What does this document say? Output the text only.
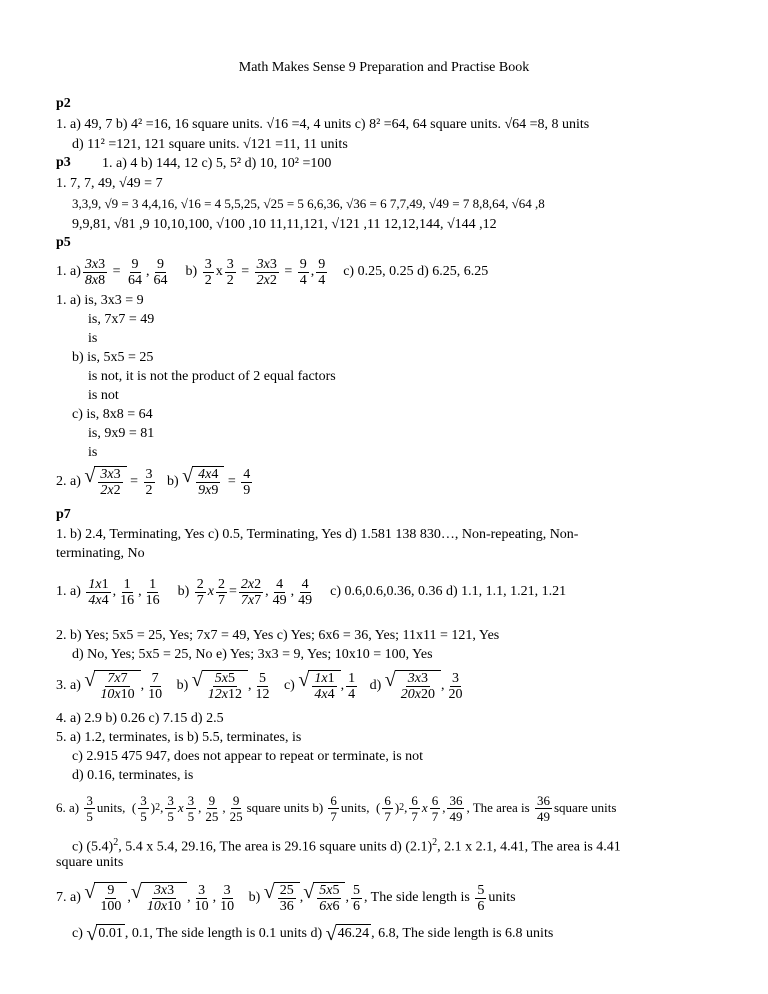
Math Makes Sense 9 Preparation and Practise Book
p2
1. a) 49, 7 b) 4² =16, 16 square units. √16 =4, 4 units c) 8² =64, 64 square units. √64 =8, 8 units
d) 11² =121, 121 square units. √121 =11, 11 units
p3 1. a) 4 b) 144, 12 c) 5, 5² d) 10, 10² =100
1. 7, 7, 49, √49 = 7
3,3,9, √9 = 3 4,4,16, √16 = 4 5,5,25, √25 = 5 6,6,36, √36 = 6 7,7,49, √49 = 7 8,8,64, √64 ,8
9,9,81, √81 ,9 10,10,100, √100 ,10 11,11,121, √121 ,11 12,12,144, √144 ,12
p5
1. $a) \frac{3x3}{8x8} = \frac{9}{64}$ , $\frac{9}{64}$
b)
$\frac{3}{2}$ x $\frac{3}{2} = \frac{3x3}{2x2} = \frac{9}{4}$ , $\frac{9}{4}$
c) 0.25, 0.25 d) 6.25, 6.25
1. a) is, 3x3 = 9
is, 7x7 = 49
is
b) is, 5x5 = 25
is not, it is not the product of 2 equal factors
is not
c) is, 8x8 = 64
is, 9x9 = 81
is
2. a)
√ $\frac{3x3}{2x2} = \frac{3}{2}$
b)
√ $\frac{4x4}{9x9} = \frac{4}{9}$
p7
1. b) 2.4, Terminating, Yes c) 0.5, Terminating, Yes d) 1.581 138 830…, Non-repeating, Non-
terminating, No
1. a)
$\frac{1x1}{4x4}$ , $\frac{1}{16}$ , $\frac{1}{16}$
b)
$\frac{2}{7}$ x $\frac{2}{7} = \frac{2x2}{7x7}$ , $\frac{4}{49}$ , $\frac{4}{49}$
c) 0.6,0.6,0.36, 0.36 d) 1.1, 1.1, 1.21, 1.21
2. b) Yes; 5x5 = 25, Yes; 7x7 = 49, Yes c) Yes; 6x6 = 36, Yes; 11x11 = 121, Yes
d) No, Yes; 5x5 = 25, No e) Yes; 3x3 = 9, Yes; 10x10 = 100, Yes
3. a)
√ $\frac{7x7}{10x10}$ , $\frac{7}{10}$
b)
√ $\frac{5x5}{12x12}$ , $\frac{5}{12}$
c)
√ $\frac{1x1}{4x4}$ , $\frac{1}{4}$
d)
√ $\frac{3x3}{20x20}$ , $\frac{3}{20}$
4. a) 2.9 b) 0.26 c) 7.15 d) 2.5
5. a) 1.2, terminates, is b) 5.5, terminates, is
c) 2.915 475 947, does not appear to repeat or terminate, is not
d) 0.16, terminates, is
6. a)
$\frac{3}{5}$ units, ( $\frac{3}{5}$ ) 2 , $\frac{3}{5}$ x $\frac{3}{5}$ , $\frac{9}{25}$ , $\frac{9}{25}$ square units b)
$\frac{6}{7}$ units, ( $\frac{6}{7}$ ) 2 , $\frac{6}{7}$ x $\frac{6}{7}$ , $\frac{36}{49}$ , The area is
$\frac{36}{49}$ square units
c) $(5.4)^2$, 5.4 x 5.4, 29.16, The area is 29.16 square units d) $(2.1)^2$, 2.1 x 2.1, 4.41, The area is 4.41
square units
7. a)
√ $\frac{9}{100}$ , √ $\frac{3x3}{10x10}$ , $\frac{3}{10}$ , $\frac{3}{10}$
b)
√ $\frac{25}{36}$ , √ $\frac{5x5}{6x6}$ , $\frac{5}{6}$ , The side length is
$\frac{5}{6}$ units
c)
√ 0.01 , 0.1, The side length is 0.1 units d)
√ 46.24 , 6.8, The side length is 6.8 units
